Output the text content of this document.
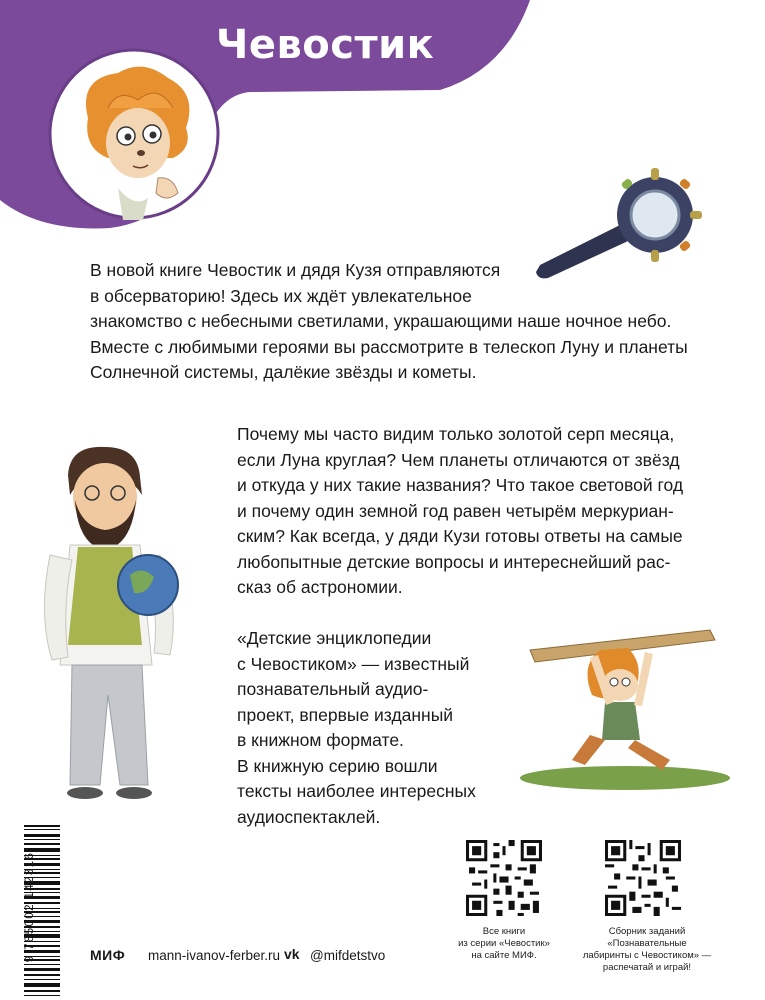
Чевостик

В новой книге Чевостик и дядя Кузя отправляются
в обсерваторию! Здесь их ждёт увлекательное
знакомство с небесными светилами, украшающими наше ночное небо.
Вместе с любимыми героями вы рассмотрите в телескоп Луну и планеты
Солнечной системы, далёкие звёзды и кометы.

Почему мы часто видим только золотой серп месяца,
если Луна круглая? Чем планеты отличаются от звёзд
и откуда у них такие названия? Что такое световой год
и почему один земной год равен четырём меркуриан-
ским? Как всегда, у дяди Кузи готовы ответы на самые
любопытные детские вопросы и интереснейший рас-
сказ об астрономии.

«Детские энциклопедии
с Чевостиком» — известный
познавательный аудио-
проект, впервые изданный
в книжном формате.
В книжную серию вошли
тексты наиболее интересных
аудиоспектаклей.

9 785002 142316	Все книги
из серии «Чевостик»
на сайте МИФ.
Сборник заданий «Познавательные
лабиринты с Чевостиком» —
распечатай и играй!
МИФ mann-ivanov-ferber.ru vk @mifdetstvo
